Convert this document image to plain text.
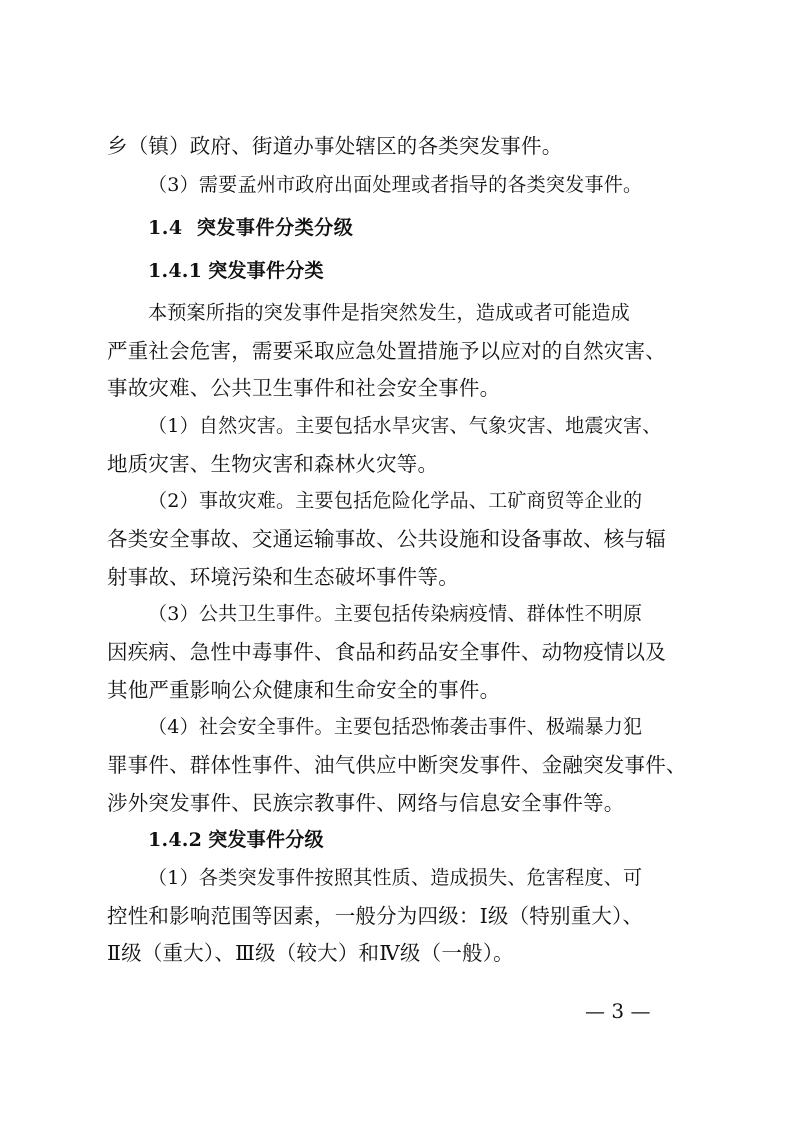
乡（镇）政府、街道办事处辖区的各类突发事件。
（3）需要孟州市政府出面处理或者指导的各类突发事件。
1.4 突发事件分类分级
1.4.1 突发事件分类
本预案所指的突发事件是指突然发生，造成或者可能造成
严重社会危害，需要采取应急处置措施予以应对的自然灾害、
事故灾难、公共卫生事件和社会安全事件。
（1）自然灾害。主要包括水旱灾害、气象灾害、地震灾害、
地质灾害、生物灾害和森林火灾等。
（2）事故灾难。主要包括危险化学品、工矿商贸等企业的
各类安全事故、交通运输事故、公共设施和设备事故、核与辐
射事故、环境污染和生态破坏事件等。
（3）公共卫生事件。主要包括传染病疫情、群体性不明原
因疾病、急性中毒事件、食品和药品安全事件、动物疫情以及
其他严重影响公众健康和生命安全的事件。
（4）社会安全事件。主要包括恐怖袭击事件、极端暴力犯
罪事件、群体性事件、油气供应中断突发事件、金融突发事件、
涉外突发事件、民族宗教事件、网络与信息安全事件等。
1.4.2 突发事件分级
（1）各类突发事件按照其性质、造成损失、危害程度、可
控性和影响范围等因素，一般分为四级：Ⅰ级（特别重大）、
Ⅱ级（重大）、Ⅲ级（较大）和Ⅳ级（一般）。
— 3 —
